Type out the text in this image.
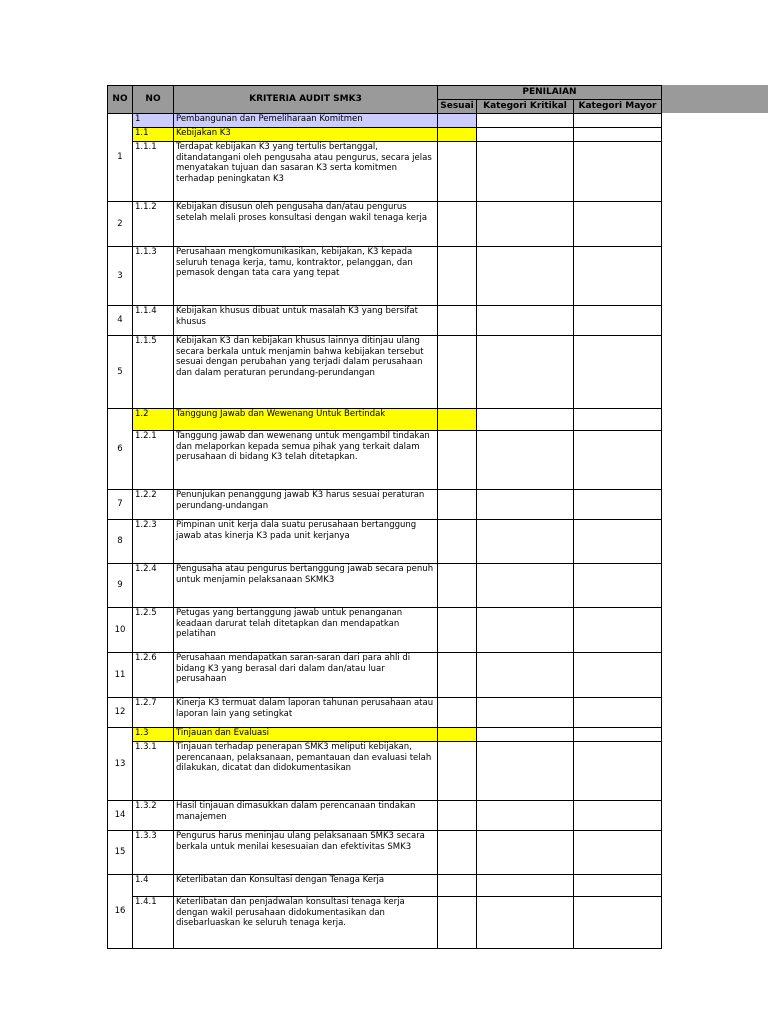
NO	NO	KRITERIA AUDIT SMK3	PENILAIAN		
			Sesuai	Kategori Kritikal	Kategori Mayor
1	1	Pembangunan dan Pemeliharaan Komitmen			
	1.1	Kebijakan K3			
	1.1.1	Terdapat kebijakan K3 yang tertulis bertanggal, ditandatangani oleh pengusaha atau pengurus, secara jelas menyatakan tujuan dan sasaran K3 serta komitmen terhadap peningkatan K3			
2	1.1.2	Kebijakan disusun oleh pengusaha dan/atau pengurus setelah melali proses konsultasi dengan wakil tenaga kerja			
3	1.1.3	Perusahaan mengkomunikasikan, kebijakan, K3 kepada seluruh tenaga kerja, tamu, kontraktor, pelanggan, dan pemasok dengan tata cara yang tepat			
4	1.1.4	Kebijakan khusus dibuat untuk masalah K3 yang bersifat khusus			
5	1.1.5	Kebijakan K3 dan kebijakan khusus lainnya ditinjau ulang secara berkala untuk menjamin bahwa kebijakan tersebut sesuai dengan perubahan yang terjadi dalam perusahaan dan dalam peraturan perundang-perundangan			
6	1.2	Tanggung Jawab dan Wewenang Untuk Bertindak			
	1.2.1	Tanggung jawab dan wewenang untuk mengambil tindakan dan melaporkan kepada semua pihak yang terkait dalam perusahaan di bidang K3 telah ditetapkan.			
7	1.2.2	Penunjukan penanggung jawab K3 harus sesuai peraturan perundang-undangan			
8	1.2.3	Pimpinan unit kerja dala suatu perusahaan bertanggung jawab atas kinerja K3 pada unit kerjanya			
9	1.2.4	Pengusaha atau pengurus bertanggung jawab secara penuh untuk menjamin pelaksanaan SKMK3			
10	1.2.5	Petugas yang bertanggung jawab untuk penanganan keadaan darurat telah ditetapkan dan mendapatkan pelatihan			
11	1.2.6	Perusahaan mendapatkan saran-saran dari para ahli di bidang K3 yang berasal dari dalam dan/atau luar perusahaan			
12	1.2.7	Kinerja K3 termuat dalam laporan tahunan perusahaan atau laporan lain yang setingkat			
13	1.3	Tinjauan dan Evaluasi			
	1.3.1	Tinjauan terhadap penerapan SMK3 meliputi kebijakan, perencanaan, pelaksanaan, pemantauan dan evaluasi telah dilakukan, dicatat dan didokumentasikan			
14	1.3.2	Hasil tinjauan dimasukkan dalam perencanaan tindakan manajemen			
15	1.3.3	Pengurus harus meninjau ulang pelaksanaan SMK3 secara berkala untuk menilai kesesuaian dan efektivitas SMK3			
16	1.4	Keterlibatan dan Konsultasi dengan Tenaga Kerja			
	1.4.1	Keterlibatan dan penjadwalan konsultasi tenaga kerja dengan wakil perusahaan didokumentasikan dan disebarluaskan ke seluruh tenaga kerja.			
